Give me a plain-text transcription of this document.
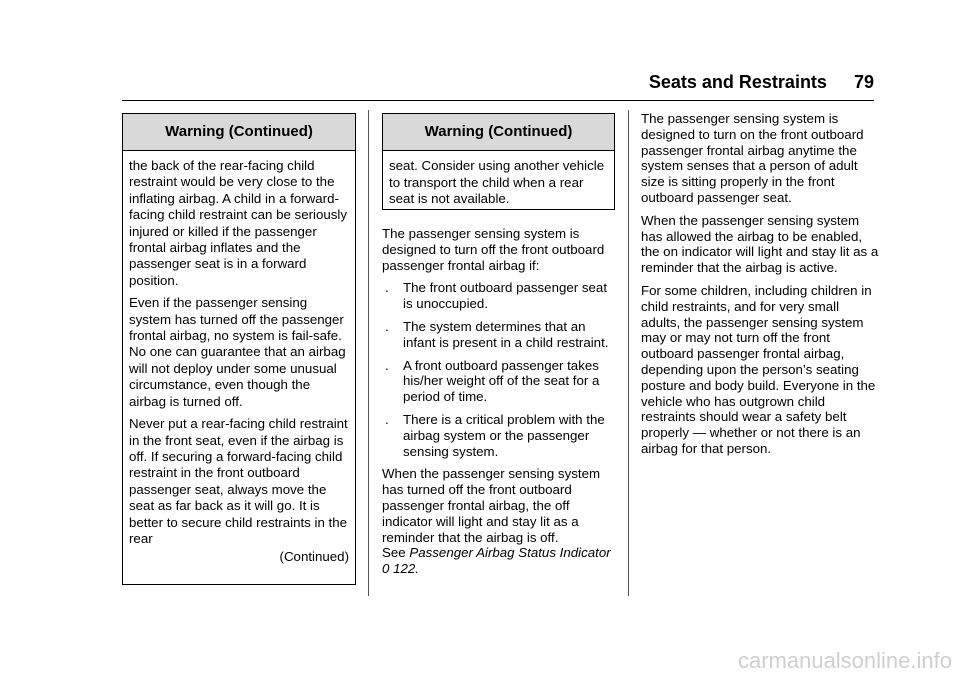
Seats and Restraints 79
Warning (Continued)

the back of the rear-facing child restraint would be very close to the inflating airbag. A child in a forward-facing child restraint can be seriously injured or killed if the passenger frontal airbag inflates and the passenger seat is in a forward position.

Even if the passenger sensing system has turned off the passenger frontal airbag, no system is fail-safe. No one can guarantee that an airbag will not deploy under some unusual circumstance, even though the airbag is turned off.

Never put a rear-facing child restraint in the front seat, even if the airbag is off. If securing a forward-facing child restraint in the front outboard passenger seat, always move the seat as far back as it will go. It is better to secure child restraints in the rear

(Continued)
Warning (Continued)

seat. Consider using another vehicle to transport the child when a rear seat is not available.

The passenger sensing system is designed to turn off the front outboard passenger frontal airbag if:

. The front outboard passenger seat is unoccupied.
. The system determines that an infant is present in a child restraint.
. A front outboard passenger takes his/her weight off of the seat for a period of time.
. There is a critical problem with the airbag system or the passenger sensing system.

When the passenger sensing system has turned off the front outboard passenger frontal airbag, the off indicator will light and stay lit as a reminder that the airbag is off.
See Passenger Airbag Status Indicator 0 122.

The passenger sensing system is designed to turn on the front outboard passenger frontal airbag anytime the system senses that a person of adult size is sitting properly in the front outboard passenger seat.

When the passenger sensing system has allowed the airbag to be enabled, the on indicator will light and stay lit as a reminder that the airbag is active.

For some children, including children in child restraints, and for very small adults, the passenger sensing system may or may not turn off the front outboard passenger frontal airbag, depending upon the person’s seating posture and body build. Everyone in the vehicle who has outgrown child restraints should wear a safety belt properly — whether or not there is an airbag for that person.

carmanualsonline.info
